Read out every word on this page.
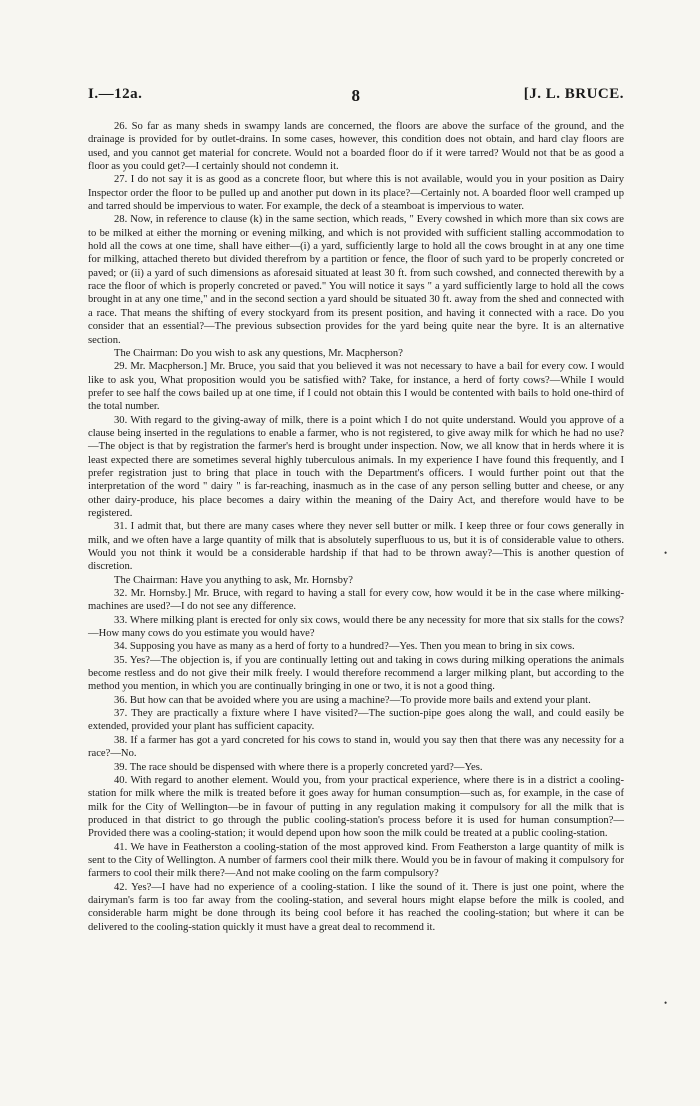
I.—12a.	8	[J. L. BRUCE.

26. So far as many sheds in swampy lands are concerned, the floors are above the surface of the ground, and the drainage is provided for by outlet-drains. In some cases, however, this condition does not obtain, and hard clay floors are used, and you cannot get material for concrete. Would not a boarded floor do if it were tarred? Would not that be as good a floor as you could get?—I certainly should not condemn it.

27. I do not say it is as good as a concrete floor, but where this is not available, would you in your position as Dairy Inspector order the floor to be pulled up and another put down in its place?—Certainly not. A boarded floor well cramped up and tarred should be impervious to water. For example, the deck of a steamboat is impervious to water.

28. Now, in reference to clause (k) in the same section, which reads, " Every cowshed in which more than six cows are to be milked at either the morning or evening milking, and which is not provided with sufficient stalling accommodation to hold all the cows at one time, shall have either—(i) a yard, sufficiently large to hold all the cows brought in at any one time for milking, attached thereto but divided therefrom by a partition or fence, the floor of such yard to be properly concreted or paved; or (ii) a yard of such dimensions as aforesaid situated at least 30 ft. from such cowshed, and connected therewith by a race the floor of which is properly concreted or paved." You will notice it says " a yard sufficiently large to hold all the cows brought in at any one time," and in the second section a yard should be situated 30 ft. away from the shed and connected with a race. That means the shifting of every stockyard from its present position, and having it connected with a race. Do you consider that an essential?—The previous subsection provides for the yard being quite near the byre. It is an alternative section.

The Chairman: Do you wish to ask any questions, Mr. Macpherson?

29. Mr. Macpherson.] Mr. Bruce, you said that you believed it was not necessary to have a bail for every cow. I would like to ask you, What proposition would you be satisfied with? Take, for instance, a herd of forty cows?—While I would prefer to see half the cows bailed up at one time, if I could not obtain this I would be contented with bails to hold one-third of the total number.

30. With regard to the giving-away of milk, there is a point which I do not quite understand. Would you approve of a clause being inserted in the regulations to enable a farmer, who is not registered, to give away milk for which he had no use?—The object is that by registration the farmer's herd is brought under inspection. Now, we all know that in herds where it is least expected there are sometimes several highly tuberculous animals. In my experience I have found this frequently, and I prefer registration just to bring that place in touch with the Department's officers. I would further point out that the interpretation of the word " dairy " is far-reaching, inasmuch as in the case of any person selling butter and cheese, or any other dairy-produce, his place becomes a dairy within the meaning of the Dairy Act, and therefore would have to be registered.

31. I admit that, but there are many cases where they never sell butter or milk. I keep three or four cows generally in milk, and we often have a large quantity of milk that is absolutely superfluous to us, but it is of considerable value to others. Would you not think it would be a considerable hardship if that had to be thrown away?—This is another question of discretion.

The Chairman: Have you anything to ask, Mr. Hornsby?

32. Mr. Hornsby.] Mr. Bruce, with regard to having a stall for every cow, how would it be in the case where milking-machines are used?—I do not see any difference.

33. Where milking plant is erected for only six cows, would there be any necessity for more that six stalls for the cows?—How many cows do you estimate you would have?

34. Supposing you have as many as a herd of forty to a hundred?—Yes. Then you mean to bring in six cows.

35. Yes?—The objection is, if you are continually letting out and taking in cows during milking operations the animals become restless and do not give their milk freely. I would therefore recommend a larger milking plant, but according to the method you mention, in which you are continually bringing in one or two, it is not a good thing.

36. But how can that be avoided where you are using a machine?—To provide more bails and extend your plant.

37. They are practically a fixture where I have visited?—The suction-pipe goes along the wall, and could easily be extended, provided your plant has sufficient capacity.

38. If a farmer has got a yard concreted for his cows to stand in, would you say then that there was any necessity for a race?—No.

39. The race should be dispensed with where there is a properly concreted yard?—Yes.

40. With regard to another element. Would you, from your practical experience, where there is in a district a cooling-station for milk where the milk is treated before it goes away for human consumption—such as, for example, in the case of milk for the City of Wellington—be in favour of putting in any regulation making it compulsory for all the milk that is produced in that district to go through the public cooling-station's process before it is used for human consumption?—Provided there was a cooling-station; it would depend upon how soon the milk could be treated at a public cooling-station.

41. We have in Featherston a cooling-station of the most approved kind. From Featherston a large quantity of milk is sent to the City of Wellington. A number of farmers cool their milk there. Would you be in favour of making it compulsory for farmers to cool their milk there?—And not make cooling on the farm compulsory?

42. Yes?—I have had no experience of a cooling-station. I like the sound of it. There is just one point, where the dairyman's farm is too far away from the cooling-station, and several hours might elapse before the milk is cooled, and considerable harm might be done through its being cool before it has reached the cooling-station; but where it can be delivered to the cooling-station quickly it must have a great deal to recommend it.

•
•
